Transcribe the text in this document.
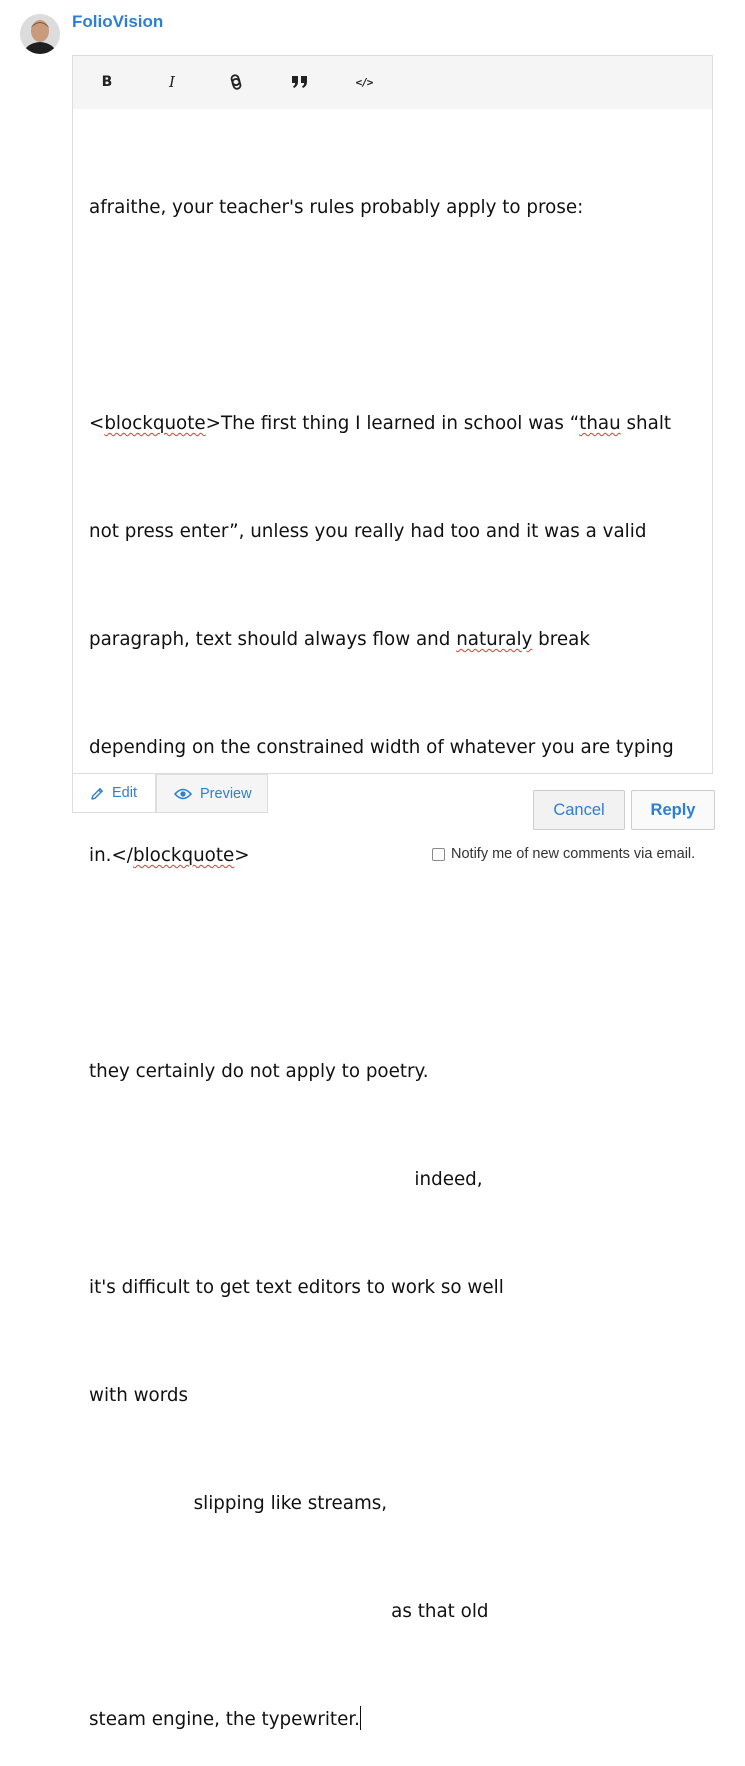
FolioVision
B	I	</>

afraithe, your teacher's rules probably apply to prose:

<blockquote>The first thing I learned in school was “thau shalt

not press enter”, unless you really had too and it was a valid

paragraph, text should always flow and naturaly break

depending on the constrained width of whatever you are typing

in.</blockquote>

they certainly do not apply to poetry.

indeed,

it's difficult to get text editors to work so well

with words

slipping like streams,

as that old

steam engine, the typewriter.

Edit	Preview
Cancel	Reply
Notify me of new comments via email.
